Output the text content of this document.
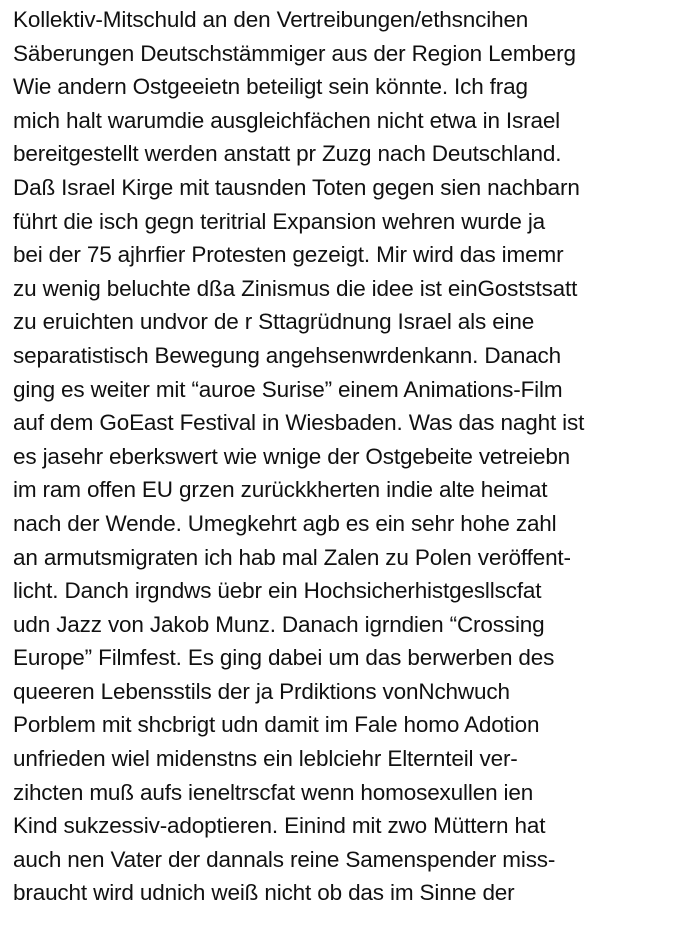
Kollektiv-Mitschuld an den Vertreibungen/ethsncihen
Säberungen Deutschstämmiger aus der Region Lemberg
Wie andern Ostgeeietn beteiligt sein könnte. Ich frag
mich halt warumdie ausgleichfächen nicht etwa in Israel
bereitgestellt werden anstatt pr Zuzg nach Deutschland.
Daß Israel Kirge mit tausnden Toten gegen sien nachbarn
führt die isch gegn teritrial Expansion wehren wurde ja
bei der 75 ajhrfier Protesten gezeigt. Mir wird das imemr
zu wenig beluchte dßa Zinismus die idee ist einGoststsatt
zu eruichten undvor de r Sttagrüdnung Israel als eine
separatistisch Bewegung angehsenwrdenkann. Danach
ging es weiter mit “auroe Surise” einem Animations-Film
auf dem GoEast Festival in Wiesbaden. Was das naght ist
es jasehr eberkswert wie wnige der Ostgebeite vetreiebn
im ram offen EU grzen zurückkherten indie alte heimat
nach der Wende. Umegkehrt agb es ein sehr hohe zahl
an armutsmigraten ich hab mal Zalen zu Polen veröffent-
licht. Danch irgndws üebr ein Hochsicherhistgesllscfat
udn Jazz von Jakob Munz. Danach igrndien “Crossing
Europe” Filmfest. Es ging dabei um das berwerben des
queeren Lebensstils der ja Prdiktions vonNchwuch
Porblem mit shcbrigt udn damit im Fale homo Adotion
unfrieden wiel midenstns ein leblciehr Elternteil ver-
zihcten muß aufs ieneltrscfat wenn homosexullen ien
Kind sukzessiv-adoptieren. Einind mit zwo Müttern hat
auch nen Vater der dannals reine Samenspender miss-
braucht wird udnich weiß nicht ob das im Sinne der
